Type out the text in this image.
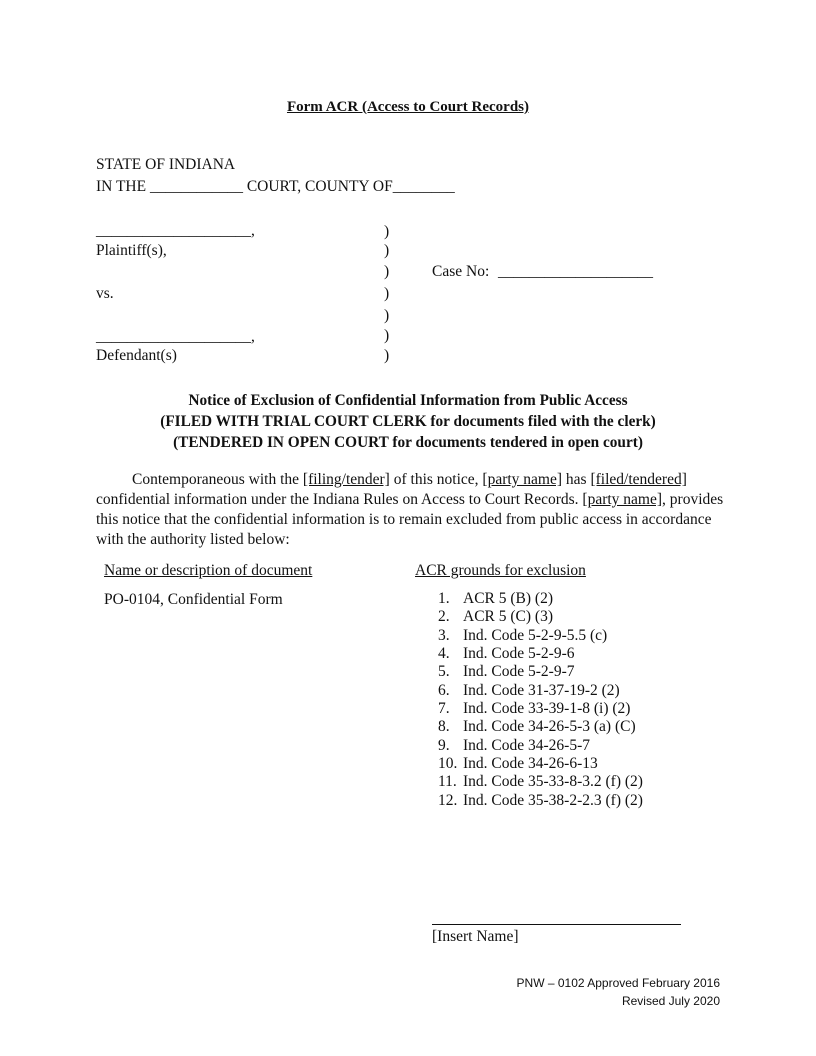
Form ACR (Access to Court Records)
STATE OF INDIANA
IN THE ____________ COURT, COUNTY OF________
____________________,
Plaintiff(s),
vs.
____________________,
Defendant(s)
)
)
)
)
)
)
)
Case No: ____________________
Notice of Exclusion of Confidential Information from Public Access
(FILED WITH TRIAL COURT CLERK for documents filed with the clerk)
(TENDERED IN OPEN COURT for documents tendered in open court)

Contemporaneous with the [filing/tender] of this notice, [party name] has [filed/tendered] confidential information under the Indiana Rules on Access to Court Records. [party name], provides this notice that the confidential information is to remain excluded from public access in accordance with the authority listed below:

Name or description of document	ACR grounds for exclusion
PO-0104, Confidential Form	1. ACR 5 (B) (2)
2. ACR 5 (C) (3)
3. Ind. Code 5-2-9-5.5 (c)
4. Ind. Code 5-2-9-6
5. Ind. Code 5-2-9-7
6. Ind. Code 31-37-19-2 (2)
7. Ind. Code 33-39-1-8 (i) (2)
8. Ind. Code 34-26-5-3 (a) (C)
9. Ind. Code 34-26-5-7
10. Ind. Code 34-26-6-13
11. Ind. Code 35-33-8-3.2 (f) (2)
12. Ind. Code 35-38-2-2.3 (f) (2)
[Insert Name]
PNW – 0102 Approved February 2016
Revised July 2020
